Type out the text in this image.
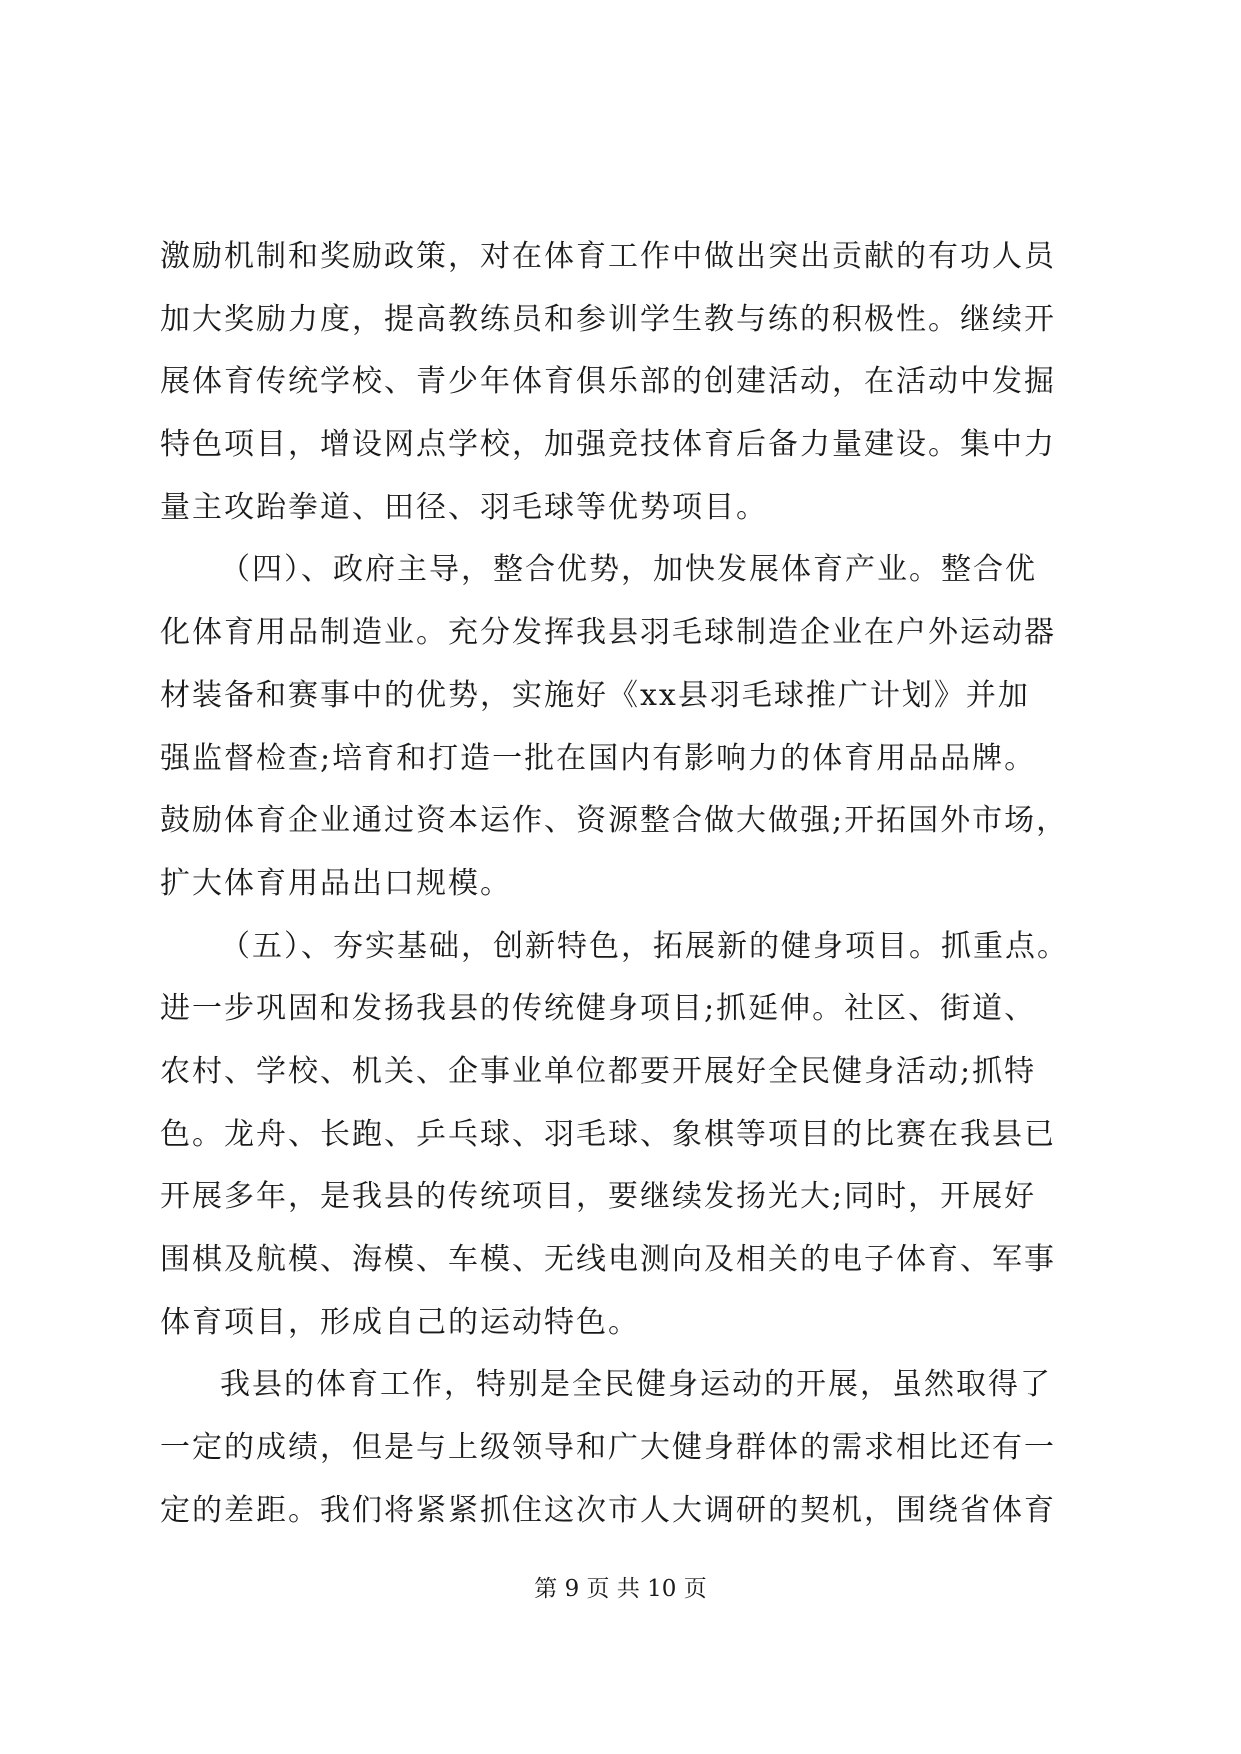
激励机制和奖励政策，对在体育工作中做出突出贡献的有功人员
加大奖励力度，提高教练员和参训学生教与练的积极性。继续开
展体育传统学校、青少年体育俱乐部的创建活动，在活动中发掘
特色项目，增设网点学校，加强竞技体育后备力量建设。集中力
量主攻跆拳道、田径、羽毛球等优势项目。
（四）、政府主导，整合优势，加快发展体育产业。整合优
化体育用品制造业。充分发挥我县羽毛球制造企业在户外运动器
材装备和赛事中的优势，实施好《xx县羽毛球推广计划》并加
强监督检查;培育和打造一批在国内有影响力的体育用品品牌。
鼓励体育企业通过资本运作、资源整合做大做强;开拓国外市场，
扩大体育用品出口规模。
（五）、夯实基础，创新特色，拓展新的健身项目。抓重点。
进一步巩固和发扬我县的传统健身项目;抓延伸。社区、街道、
农村、学校、机关、企事业单位都要开展好全民健身活动;抓特
色。龙舟、长跑、乒乓球、羽毛球、象棋等项目的比赛在我县已
开展多年，是我县的传统项目，要继续发扬光大;同时，开展好
围棋及航模、海模、车模、无线电测向及相关的电子体育、军事
体育项目，形成自己的运动特色。
我县的体育工作，特别是全民健身运动的开展，虽然取得了
一定的成绩，但是与上级领导和广大健身群体的需求相比还有一
定的差距。我们将紧紧抓住这次市人大调研的契机，围绕省体育
第 9 页 共 10 页
